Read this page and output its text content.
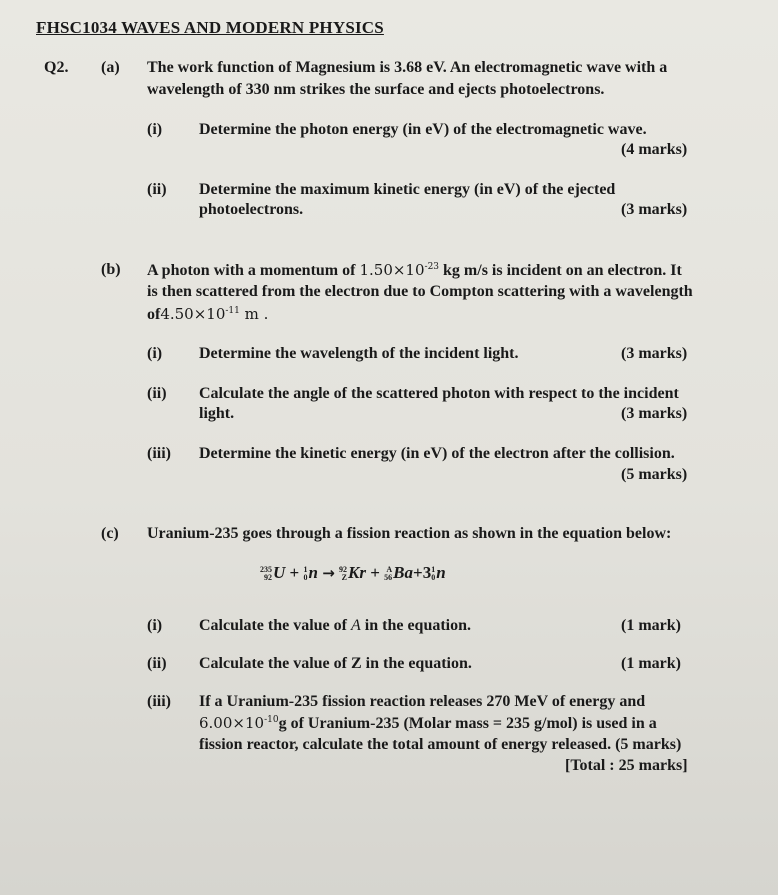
FHSC1034 WAVES AND MODERN PHYSICS
Q2. (a) The work function of Magnesium is 3.68 eV. An electromagnetic wave with a
wavelength of 330 nm strikes the surface and ejects photoelectrons.
(i) Determine the photon energy (in eV) of the electromagnetic wave.
(4 marks)
(ii) Determine the maximum kinetic energy (in eV) of the ejected
photoelectrons.	(3 marks)
(b) A photon with a momentum of $1.50\times 10^{-23}$ kg m/s is incident on an electron. It
is then scattered from the electron due to Compton scattering with a wavelength
$of4.50\times 10^{-11}$ m .
(i) Determine the wavelength of the incident light.	(3 marks)
(ii) Calculate the angle of the scattered photon with respect to the incident
light.	(3 marks)
(iii) Determine the kinetic energy (in eV) of the electron after the collision.
(5 marks)
(c) Uranium-235 goes through a fission reaction as shown in the equation below:
235
92 U + 1
0 n → 92
Z Kr + A
56 Ba+3 1
0 n
(i) Calculate the value of A in the equation.	(1 mark)
(ii) Calculate the value of Z in the equation.	(1 mark)
(iii) If a Uranium-235 fission reaction releases 270 MeV of energy and
$6.00\times 10^{-10}g$ of Uranium-235 (Molar mass = 235 g/mol) is used in a
fission reactor, calculate the total amount of energy released. (5 marks)
[Total : 25 marks]
